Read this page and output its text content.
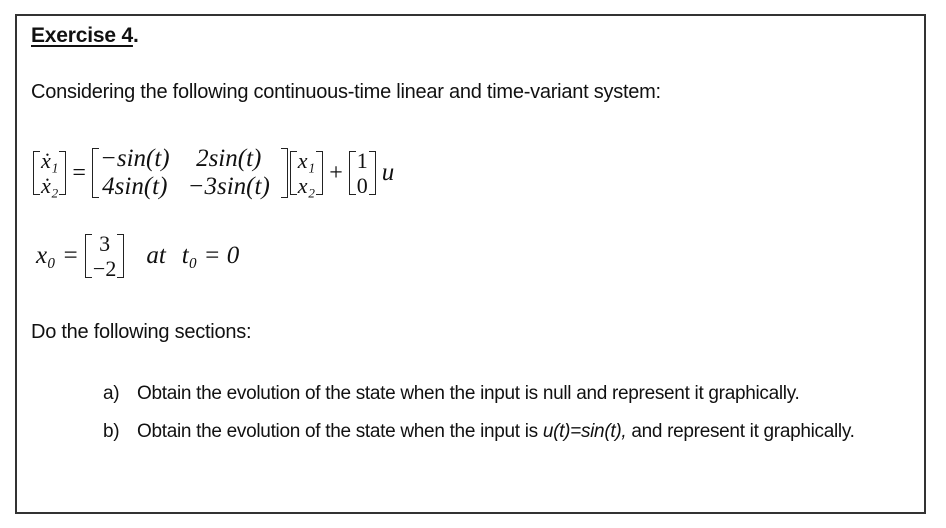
Exercise 4.
Considering the following continuous-time linear and time-variant system:
ẋ₁
ẋ₂ =
−sin(t)	2sin(t)
4sin(t)	−3sin(t)
x₁
x₂ + 1
0 u
x₀ = 3
−2 at t₀ = 0
Do the following sections:
a) Obtain the evolution of the state when the input is null and represent it graphically.
b) Obtain the evolution of the state when the input is u(t)=sin(t), and represent it graphically.
